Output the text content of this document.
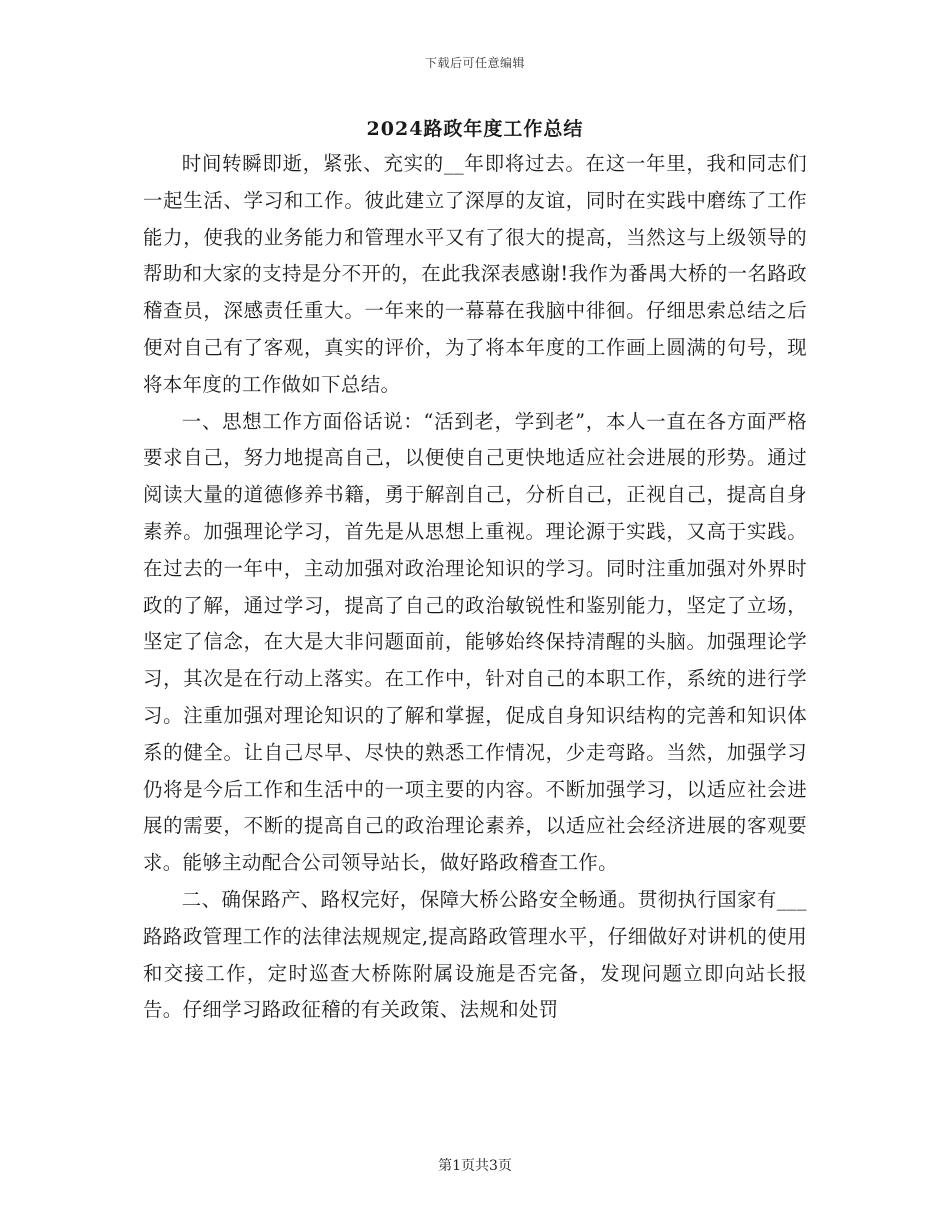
下载后可任意编辑
2024路政年度工作总结

时间转瞬即逝，紧张、充实的__年即将过去。在这一年里，我和同志们一起生活、学习和工作。彼此建立了深厚的友谊，同时在实践中磨练了工作能力，使我的业务能力和管理水平又有了很大的提高，当然这与上级领导的帮助和大家的支持是分不开的，在此我深表感谢!我作为番禺大桥的一名路政稽查员，深感责任重大。一年来的一幕幕在我脑中徘徊。仔细思索总结之后便对自己有了客观，真实的评价，为了将本年度的工作画上圆满的句号，现将本年度的工作做如下总结。

一、思想工作方面俗话说：“活到老，学到老”，本人一直在各方面严格要求自己，努力地提高自己，以便使自己更快地适应社会进展的形势。通过阅读大量的道德修养书籍，勇于解剖自己，分析自己，正视自己，提高自身素养。加强理论学习，首先是从思想上重视。理论源于实践，又高于实践。在过去的一年中，主动加强对政治理论知识的学习。同时注重加强对外界时政的了解，通过学习，提高了自己的政治敏锐性和鉴别能力，坚定了立场，坚定了信念，在大是大非问题面前，能够始终保持清醒的头脑。加强理论学习，其次是在行动上落实。在工作中，针对自己的本职工作，系统的进行学习。注重加强对理论知识的了解和掌握，促成自身知识结构的完善和知识体系的健全。让自己尽早、尽快的熟悉工作情况，少走弯路。当然，加强学习仍将是今后工作和生活中的一项主要的内容。不断加强学习，以适应社会进展的需要，不断的提高自己的政治理论素养，以适应社会经济进展的客观要求。能够主动配合公司领导站长，做好路政稽查工作。

二、确保路产、路权完好，保障大桥公路安全畅通。贯彻执行国家有___路路政管理工作的法律法规规定,提高路政管理水平，仔细做好对讲机的使用和交接工作，定时巡查大桥陈附属设施是否完备，发现问题立即向站长报告。仔细学习路政征稽的有关政策、法规和处罚

第1页共3页
